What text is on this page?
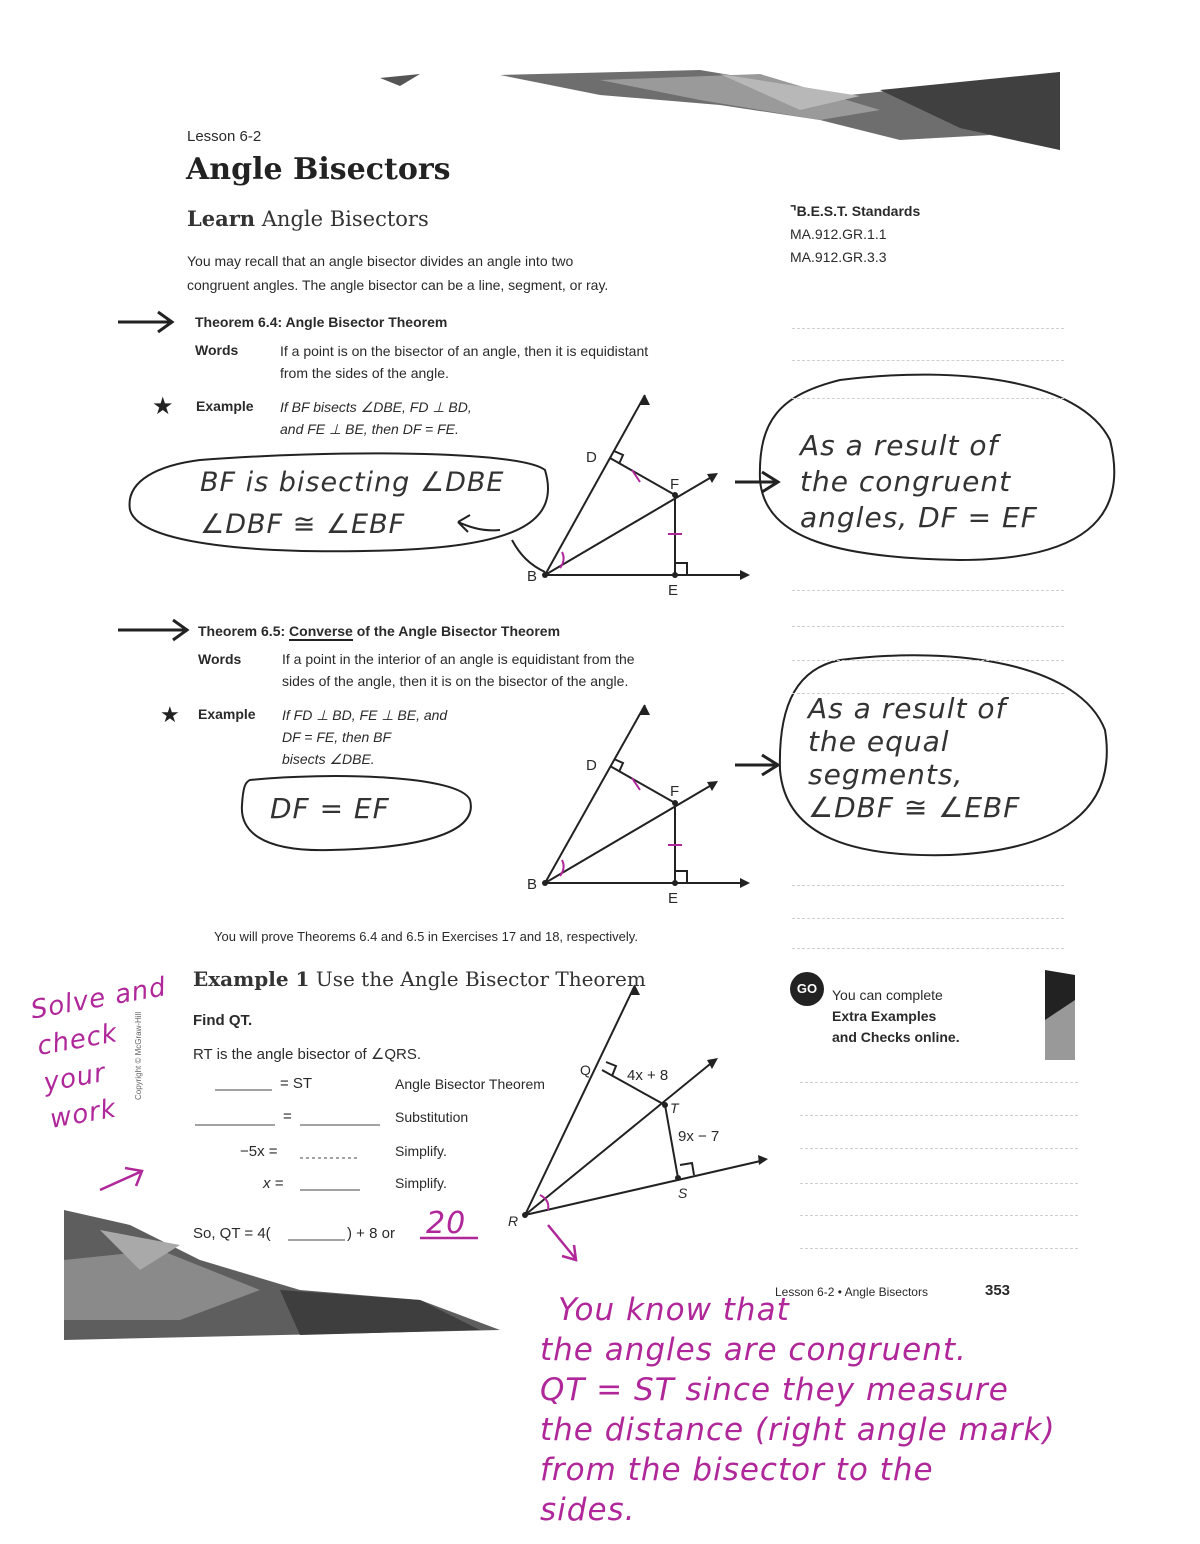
★
★
Lesson 6-2
Angle Bisectors
Learn Angle Bisectors
You may recall that an angle bisector divides an angle into two
congruent angles. The angle bisector can be a line, segment, or ray.
⌝B.E.S.T. Standards
MA.912.GR.1.1
MA.912.GR.3.3
Theorem 6.4: Angle Bisector Theorem
Words	If a point is on the bisector of an angle, then it is equidistant
from the sides of the angle.
Example If BF bisects ∠DBE, FD ⊥ BD,
and FE ⊥ BE, then DF = FE.
BF is bisecting ∠DBE
∠DBF ≅ ∠EBF
As a result of
the congruent
angles, DF = EF
D
F
B
E
Theorem 6.5: Converse of the Angle Bisector Theorem
Words	If a point in the interior of an angle is equidistant from the
sides of the angle, then it is on the bisector of the angle.
Example If FD ⊥ BD, FE ⊥ BE, and
DF = FE, then BF
bisects ∠DBE.
DF = EF
As a result of
the equal
segments,
∠DBF ≅ ∠EBF
D
F
B
E
You will prove Theorems 6.4 and 6.5 in Exercises 17 and 18, respectively.
Example 1 Use the Angle Bisector Theorem
Find QT.
RT is the angle bisector of ∠QRS.
= ST	Angle Bisector Theorem
=	Substitution
−5x =	Simplify.
x =	Simplify.
So, QT = 4(	) + 8 or 20
Q 4x + 8
T
9x − 7
S
R
GO	You can complete
Extra Examples
and Checks online.
Copyright © McGraw-Hill
Lesson 6-2 • Angle Bisectors	353
Solve and
check
your
work
You know that
the angles are congruent.
QT = ST since they measure
the distance (right angle mark)
from the bisector to the
sides.
